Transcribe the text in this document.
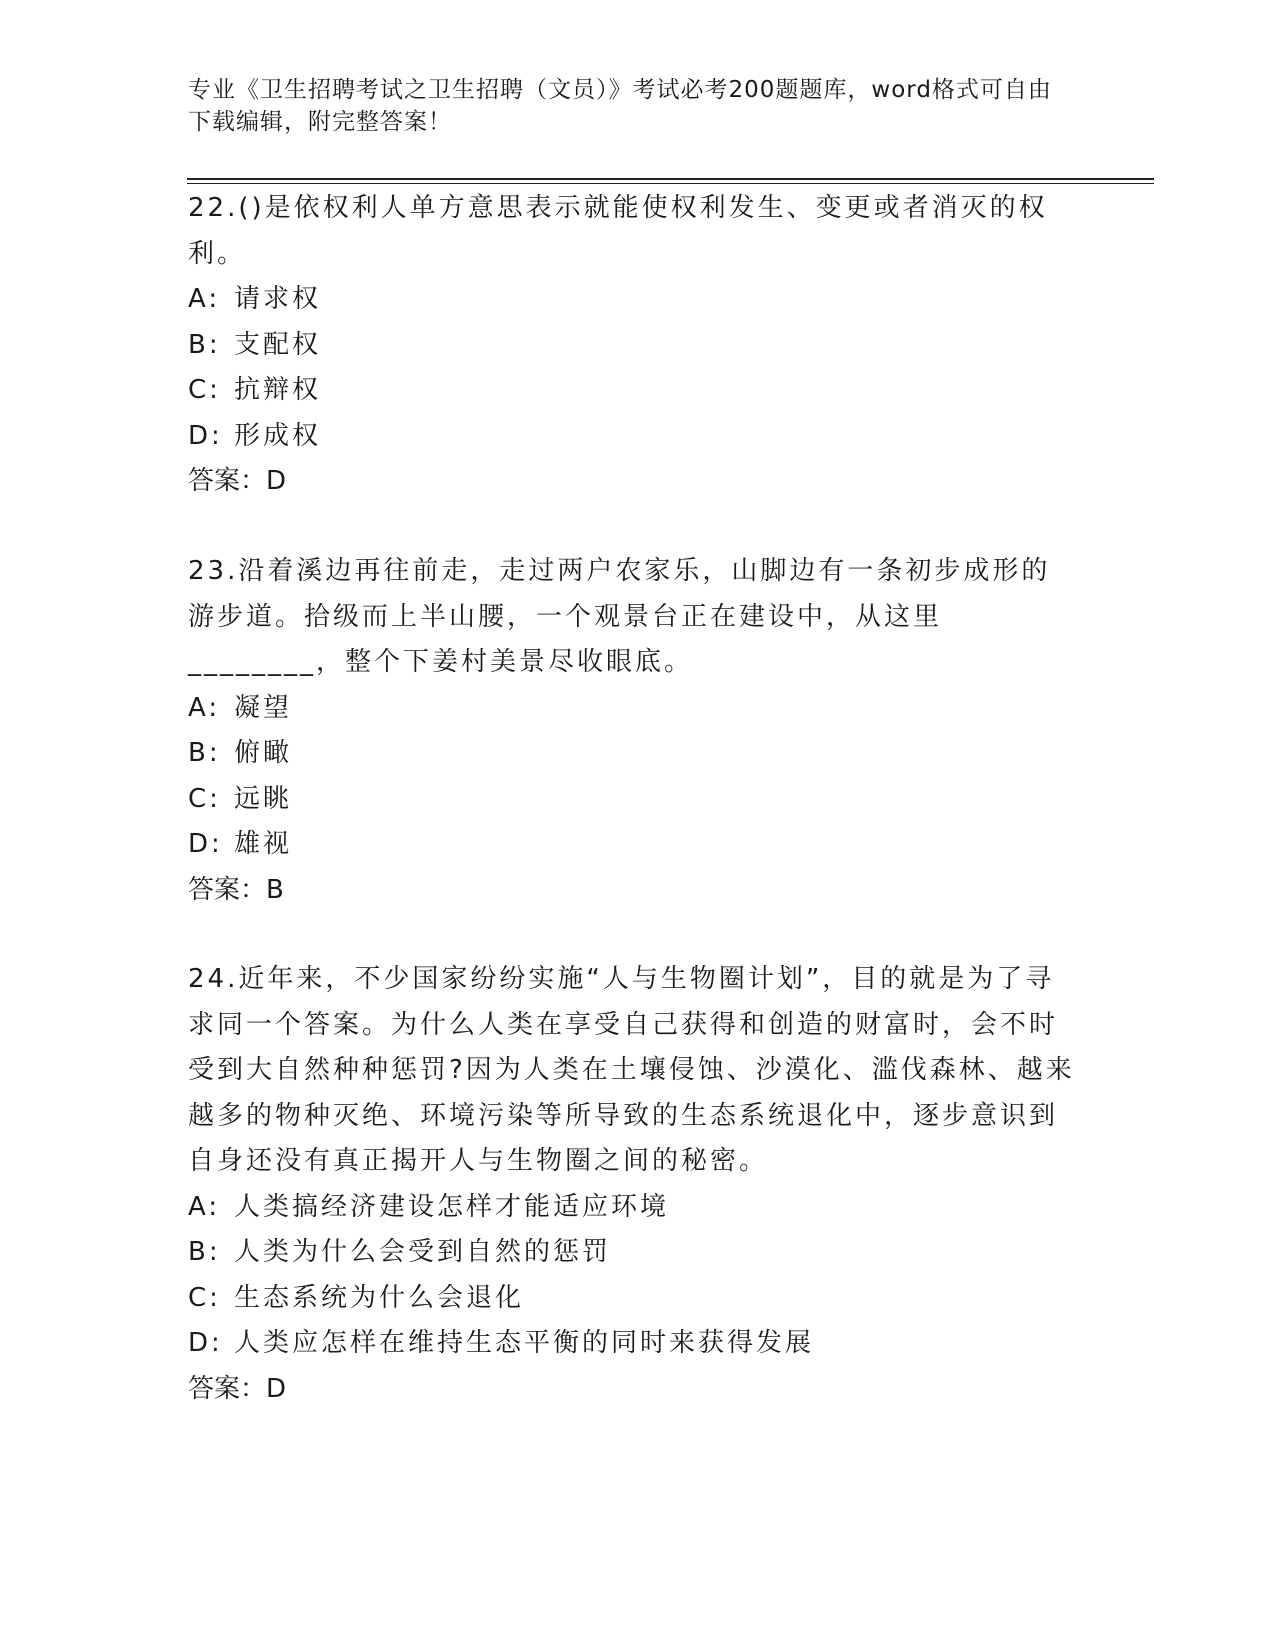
专业《卫生招聘考试之卫生招聘（文员）》考试必考200题题库，word格式可自由下载编辑，附完整答案！

22.()是依权利人单方意思表示就能使权利发生、变更或者消灭的权利。

A: 请求权

B: 支配权

C: 抗辩权

D: 形成权

答案：D

23.沿着溪边再往前走，走过两户农家乐，山脚边有一条初步成形的游步道。拾级而上半山腰，一个观景台正在建设中，从这里________，整个下姜村美景尽收眼底。

A: 凝望

B: 俯瞰

C: 远眺

D: 雄视

答案：B

24.近年来，不少国家纷纷实施“人与生物圈计划”，目的就是为了寻求同一个答案。为什么人类在享受自己获得和创造的财富时，会不时受到大自然种种惩罚?因为人类在土壤侵蚀、沙漠化、滥伐森林、越来越多的物种灭绝、环境污染等所导致的生态系统退化中，逐步意识到自身还没有真正揭开人与生物圈之间的秘密。

A: 人类搞经济建设怎样才能适应环境

B: 人类为什么会受到自然的惩罚

C: 生态系统为什么会退化

D: 人类应怎样在维持生态平衡的同时来获得发展

答案：D
